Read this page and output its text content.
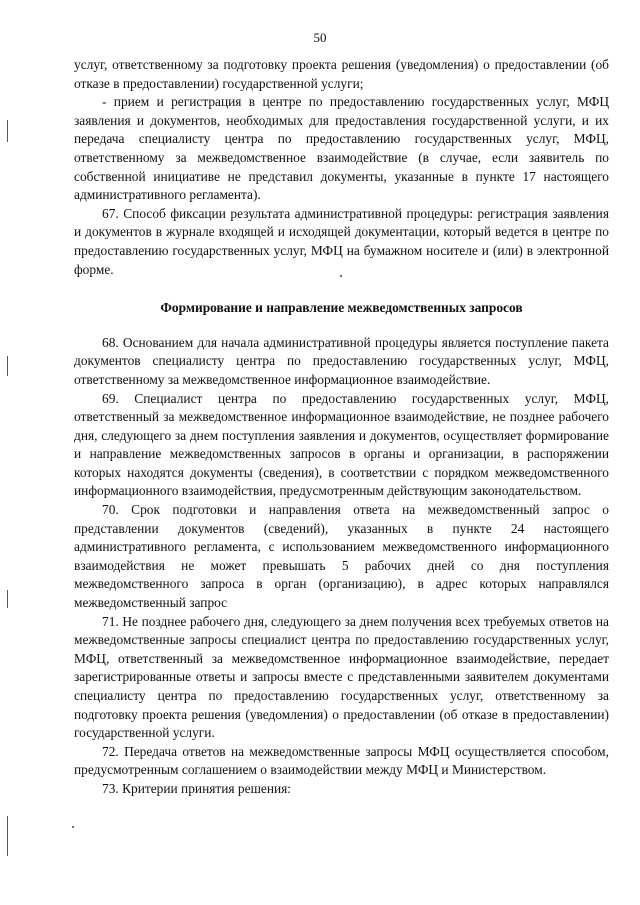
50

услуг, ответственному за подготовку проекта решения (уведомления) о предоставлении (об отказе в предоставлении) государственной услуги;

- прием и регистрация в центре по предоставлению государственных услуг, МФЦ заявления и документов, необходимых для предоставления государственной услуги, и их передача специалисту центра по предоставлению государственных услуг, МФЦ, ответственному за межведомственное взаимодействие (в случае, если заявитель по собственной инициативе не представил документы, указанные в пункте 17 настоящего административного регламента).

67. Способ фиксации результата административной процедуры: регистрация заявления и документов в журнале входящей и исходящей документации, который ведется в центре по предоставлению государственных услуг, МФЦ на бумажном носителе и (или) в электронной форме.

Формирование и направление межведомственных запросов

68. Основанием для начала административной процедуры является поступление пакета документов специалисту центра по предоставлению государственных услуг, МФЦ, ответственному за межведомственное информационное взаимодействие.

69. Специалист центра по предоставлению государственных услуг, МФЦ, ответственный за межведомственное информационное взаимодействие, не позднее рабочего дня, следующего за днем поступления заявления и документов, осуществляет формирование и направление межведомственных запросов в органы и организации, в распоряжении которых находятся документы (сведения), в соответствии с порядком межведомственного информационного взаимодействия, предусмотренным действующим законодательством.

70. Срок подготовки и направления ответа на межведомственный запрос о представлении документов (сведений), указанных в пункте 24 настоящего административного регламента, с использованием межведомственного информационного взаимодействия не может превышать 5 рабочих дней со дня поступления межведомственного запроса в орган (организацию), в адрес которых направлялся межведомственный запрос

71. Не позднее рабочего дня, следующего за днем получения всех требуемых ответов на межведомственные запросы специалист центра по предоставлению государственных услуг, МФЦ, ответственный за межведомственное информационное взаимодействие, передает зарегистрированные ответы и запросы вместе с представленными заявителем документами специалисту центра по предоставлению государственных услуг, ответственному за подготовку проекта решения (уведомления) о предоставлении (об отказе в предоставлении) государственной услуги.

72. Передача ответов на межведомственные запросы МФЦ осуществляется способом, предусмотренным соглашением о взаимодействии между МФЦ и Министерством.

73. Критерии принятия решения:
